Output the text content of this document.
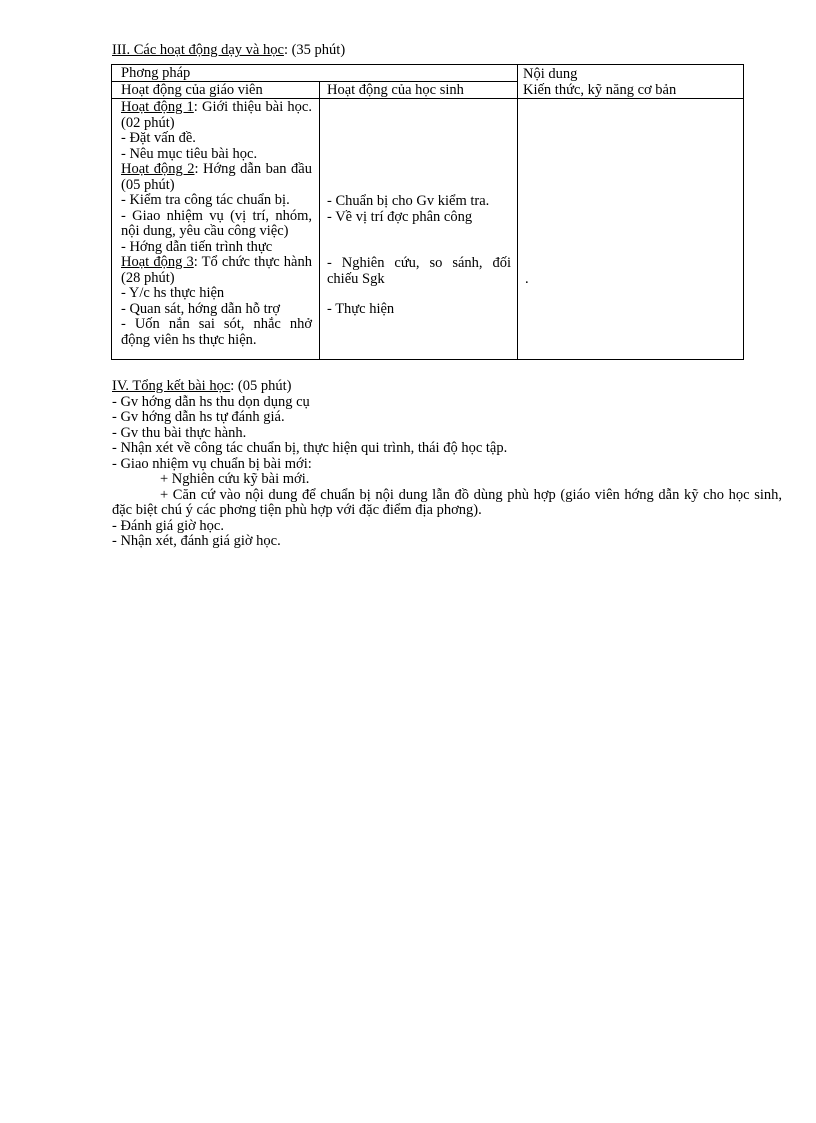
III. Các hoạt động dạy và học: (35 phút)
Phơng pháp
Hoạt động của giáo viên	Hoạt động của học sinh
Nội dung
Kiến thức, kỹ năng cơ bản
Hoạt động 1: Giới thiệu bài học. (02 phút)
- Đặt vấn đề.
- Nêu mục tiêu bài học.
Hoạt động 2: Hớng dẫn ban đầu (05 phút)
- Kiểm tra công tác chuẩn bị.
- Giao nhiệm vụ (vị trí, nhóm, nội dung, yêu cầu công việc)
- Hớng dẫn tiến trình thực
Hoạt động 3: Tổ chức thực hành (28 phút)
- Y/c hs thực hiện
- Quan sát, hớng dẫn hỗ trợ
- Uốn nắn sai sót, nhắc nhở động viên hs thực hiện.
- Chuẩn bị cho Gv kiểm tra.
- Về vị trí đợc phân công
- Nghiên cứu, so sánh, đối chiếu Sgk
- Thực hiện
.
IV. Tổng kết bài học: (05 phút)
- Gv hớng dẫn hs thu dọn dụng cụ
- Gv hớng dẫn hs tự đánh giá.
- Gv thu bài thực hành.
- Nhận xét về công tác chuẩn bị, thực hiện qui trình, thái độ học tập.
- Giao nhiệm vụ chuẩn bị bài mới:
+ Nghiên cứu kỹ bài mới.
+ Căn cứ vào nội dung để chuẩn bị nội dung lẫn đồ dùng phù hợp (giáo viên hớng dẫn kỹ cho học sinh, đặc biệt chú ý các phơng tiện phù hợp với đặc điểm địa phơng).
- Đánh giá giờ học.
- Nhận xét, đánh giá giờ học.
